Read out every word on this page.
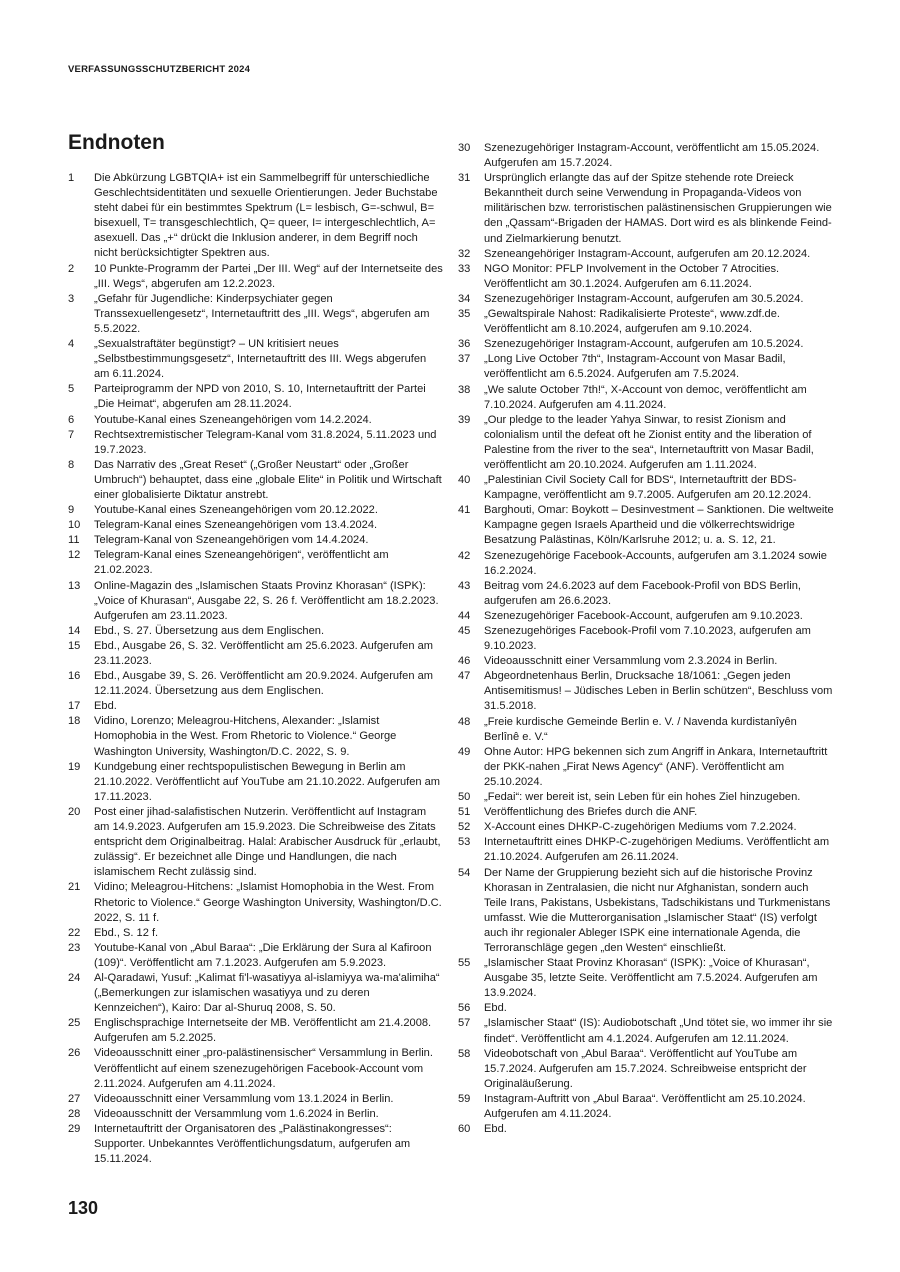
VERFASSUNGSSCHUTZBERICHT 2024
Endnoten
1	Die Abkürzung LGBTQIA+ ist ein Sammelbegriff für unterschiedliche Geschlechtsidentitäten und sexuelle Orientierungen. Jeder Buchstabe steht dabei für ein bestimmtes Spektrum (L= lesbisch, G=-schwul, B= bisexuell, T= transgeschlechtlich, Q= queer, I= intergeschlechtlich, A= asexuell. Das „+“ drückt die Inklusion anderer, in dem Begriff noch nicht berücksichtigter Spektren aus.
2	10 Punkte-Programm der Partei „Der III. Weg“ auf der Internetseite des „III. Wegs“, abgerufen am 12.2.2023.
3	„Gefahr für Jugendliche: Kinderpsychiater gegen Transsexuellengesetz“, Internetauftritt des „III. Wegs“, abgerufen am 5.5.2022.
4	„Sexualstraftäter begünstigt? – UN kritisiert neues „Selbstbestimmungsgesetz“, Internetauftritt des III. Wegs abgerufen am 6.11.2024.
5	Parteiprogramm der NPD von 2010, S. 10, Internetauftritt der Partei „Die Heimat“, abgerufen am 28.11.2024.
6	Youtube-Kanal eines Szeneangehörigen vom 14.2.2024.
7	Rechtsextremistischer Telegram-Kanal vom 31.8.2024, 5.11.2023 und 19.7.2023.
8	Das Narrativ des „Great Reset“ („Großer Neustart“ oder „Großer Umbruch“) behauptet, dass eine „globale Elite“ in Politik und Wirtschaft einer globalisierte Diktatur anstrebt.
9	Youtube-Kanal eines Szeneangehörigen vom 20.12.2022.
10	Telegram-Kanal eines Szeneangehörigen vom 13.4.2024.
11	Telegram-Kanal von Szeneangehörigen vom 14.4.2024.
12	Telegram-Kanal eines Szeneangehörigen“, veröffentlicht am 21.02.2023.
13	Online-Magazin des „Islamischen Staats Provinz Khorasan“ (ISPK): „Voice of Khurasan“, Ausgabe 22, S. 26 f. Veröffentlicht am 18.2.2023. Aufgerufen am 23.11.2023.
14	Ebd., S. 27. Übersetzung aus dem Englischen.
15	Ebd., Ausgabe 26, S. 32. Veröffentlicht am 25.6.2023. Aufgerufen am 23.11.2023.
16	Ebd., Ausgabe 39, S. 26. Veröffentlicht am 20.9.2024. Aufgerufen am 12.11.2024. Übersetzung aus dem Englischen.
17	Ebd.
18	Vidino, Lorenzo; Meleagrou-Hitchens, Alexander: „Islamist Homophobia in the West. From Rhetoric to Violence.“ George Washington University, Washington/D.C. 2022, S. 9.
19	Kundgebung einer rechtspopulistischen Bewegung in Berlin am 21.10.2022. Veröffentlicht auf YouTube am 21.10.2022. Aufgerufen am 17.11.2023.
20	Post einer jihad-salafistischen Nutzerin. Veröffentlicht auf Instagram am 14.9.2023. Aufgerufen am 15.9.2023. Die Schreibweise des Zitats entspricht dem Originalbeitrag. Halal: Arabischer Ausdruck für „erlaubt, zulässig“. Er bezeichnet alle Dinge und Handlungen, die nach islamischem Recht zulässig sind.
21	Vidino; Meleagrou-Hitchens: „Islamist Homophobia in the West. From Rhetoric to Violence.“ George Washington University, Washington/D.C. 2022, S. 11 f.
22	Ebd., S. 12 f.
23	Youtube-Kanal von „Abul Baraa“: „Die Erklärung der Sura al Kafiroon (109)“. Veröffentlicht am 7.1.2023. Aufgerufen am 5.9.2023.
24	Al-Qaradawi, Yusuf: „Kalimat fi'l-wasatiyya al-islamiyya wa-ma'alimiha“ („Bemerkungen zur islamischen wasatiyya und zu deren Kennzeichen“), Kairo: Dar al-Shuruq 2008, S. 50.
25	Englischsprachige Internetseite der MB. Veröffentlicht am 21.4.2008. Aufgerufen am 5.2.2025.
26	Videoausschnitt einer „pro-palästinensischer“ Versammlung in Berlin. Veröffentlicht auf einem szenezugehörigen Facebook-Account vom 2.11.2024. Aufgerufen am 4.11.2024.
27	Videoausschnitt einer Versammlung vom 13.1.2024 in Berlin.
28	Videoausschnitt der Versammlung vom 1.6.2024 in Berlin.
29	Internetauftritt der Organisatoren des „Palästinakongresses“: Supporter. Unbekanntes Veröffentlichungsdatum, aufgerufen am 15.11.2024.
30	Szenezugehöriger Instagram-Account, veröffentlicht am 15.05.2024. Aufgerufen am 15.7.2024.
31	Ursprünglich erlangte das auf der Spitze stehende rote Dreieck Bekanntheit durch seine Verwendung in Propaganda-Videos von militärischen bzw. terroristischen palästinensischen Gruppierungen wie den „Qassam“-Brigaden der HAMAS. Dort wird es als blinkende Feind- und Zielmarkierung benutzt.
32	Szeneangehöriger Instagram-Account, aufgerufen am 20.12.2024.
33	NGO Monitor: PFLP Involvement in the October 7 Atrocities. Veröffentlicht am 30.1.2024. Aufgerufen am 6.11.2024.
34	Szenezugehöriger Instagram-Account, aufgerufen am 30.5.2024.
35	„Gewaltspirale Nahost: Radikalisierte Proteste“, www.zdf.de. Veröffentlicht am 8.10.2024, aufgerufen am 9.10.2024.
36	Szenezugehöriger Instagram-Account, aufgerufen am 10.5.2024.
37	„Long Live October 7th“, Instagram-Account von Masar Badil, veröffentlicht am 6.5.2024. Aufgerufen am 7.5.2024.
38	„We salute October 7th!“, X-Account von democ, veröffentlicht am 7.10.2024. Aufgerufen am 4.11.2024.
39	„Our pledge to the leader Yahya Sinwar, to resist Zionism and colonialism until the defeat oft he Zionist entity and the liberation of Palestine from the river to the sea“, Internetauftritt von Masar Badil, veröffentlicht am 20.10.2024. Aufgerufen am 1.11.2024.
40	„Palestinian Civil Society Call for BDS“, Internetauftritt der BDS-Kampagne, veröffentlicht am 9.7.2005. Aufgerufen am 20.12.2024.
41	Barghouti, Omar: Boykott – Desinvestment – Sanktionen. Die weltweite Kampagne gegen Israels Apartheid und die völkerrechtswidrige Besatzung Palästinas, Köln/Karlsruhe 2012; u. a. S. 12, 21.
42	Szenezugehörige Facebook-Accounts, aufgerufen am 3.1.2024 sowie 16.2.2024.
43	Beitrag vom 24.6.2023 auf dem Facebook-Profil von BDS Berlin, aufgerufen am 26.6.2023.
44	Szenezugehöriger Facebook-Account, aufgerufen am 9.10.2023.
45	Szenezugehöriges Facebook-Profil vom 7.10.2023, aufgerufen am 9.10.2023.
46	Videoausschnitt einer Versammlung vom 2.3.2024 in Berlin.
47	Abgeordnetenhaus Berlin, Drucksache 18/1061: „Gegen jeden Antisemitismus! – Jüdisches Leben in Berlin schützen“, Beschluss vom 31.5.2018.
48	„Freie kurdische Gemeinde Berlin e. V. / Navenda kurdistanîyên Berlînê e. V.“
49	Ohne Autor: HPG bekennen sich zum Angriff in Ankara, Internetauftritt der PKK-nahen „Firat News Agency“ (ANF). Veröffentlicht am 25.10.2024.
50	„Fedai“: wer bereit ist, sein Leben für ein hohes Ziel hinzugeben.
51	Veröffentlichung des Briefes durch die ANF.
52	X-Account eines DHKP-C-zugehörigen Mediums vom 7.2.2024.
53	Internetauftritt eines DHKP-C-zugehörigen Mediums. Veröffentlicht am 21.10.2024. Aufgerufen am 26.11.2024.
54	Der Name der Gruppierung bezieht sich auf die historische Provinz Khorasan in Zentralasien, die nicht nur Afghanistan, sondern auch Teile Irans, Pakistans, Usbekistans, Tadschikistans und Turkmenistans umfasst. Wie die Mutterorganisation „Islamischer Staat“ (IS) verfolgt auch ihr regionaler Ableger ISPK eine internationale Agenda, die Terroranschläge gegen „den Westen“ einschließt.
55	„Islamischer Staat Provinz Khorasan“ (ISPK): „Voice of Khurasan“, Ausgabe 35, letzte Seite. Veröffentlicht am 7.5.2024. Aufgerufen am 13.9.2024.
56	Ebd.
57	„Islamischer Staat“ (IS): Audiobotschaft „Und tötet sie, wo immer ihr sie findet“. Veröffentlicht am 4.1.2024. Aufgerufen am 12.11.2024.
58	Videobotschaft von „Abul Baraa“. Veröffentlicht auf YouTube am 15.7.2024. Aufgerufen am 15.7.2024. Schreibweise entspricht der Originaläußerung.
59	Instagram-Auftritt von „Abul Baraa“. Veröffentlicht am 25.10.2024. Aufgerufen am 4.11.2024.
60	Ebd.
130
